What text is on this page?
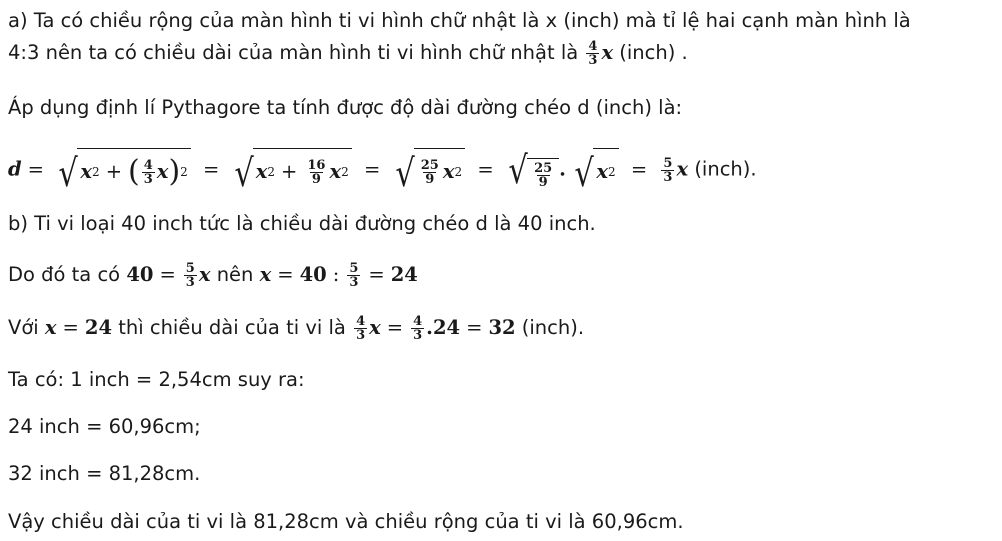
a) Ta có chiều rộng của màn hình ti vi hình chữ nhật là x (inch) mà tỉ lệ hai cạnh màn hình là
4:3 nên ta có chiều dài của màn hình ti vi hình chữ nhật là $\frac{4}{3}$ x (inch) .
Áp dụng định lí Pythagore ta tính được độ dài đường chéo d (inch) là:
d = √ x 2 + ( $\frac{4}{3}$ x ) 2 = √ x $2 + \frac{16}{9}$ x 2 = √ $\frac{25}{9}$ x 2 = √ $\frac{25}{9}$ . √ x $2 = \frac{5}{3}$ x (inch).
b) Ti vi loại 40 inch tức là chiều dài đường chéo d là 40 inch.
Do đó ta có $40 = \frac{5}{3}$ x nên x = 40 : $\frac{5}{3} = 24$
Với x = 24 thì chiều dài của ti vi là $\frac{4}{3}$ $x = \frac{4}{3} .24 = 32$ (inch).
Ta có: 1 inch = 2,54cm suy ra:
24 inch = 60,96cm;
32 inch = 81,28cm.
Vậy chiều dài của ti vi là 81,28cm và chiều rộng của ti vi là 60,96cm.
